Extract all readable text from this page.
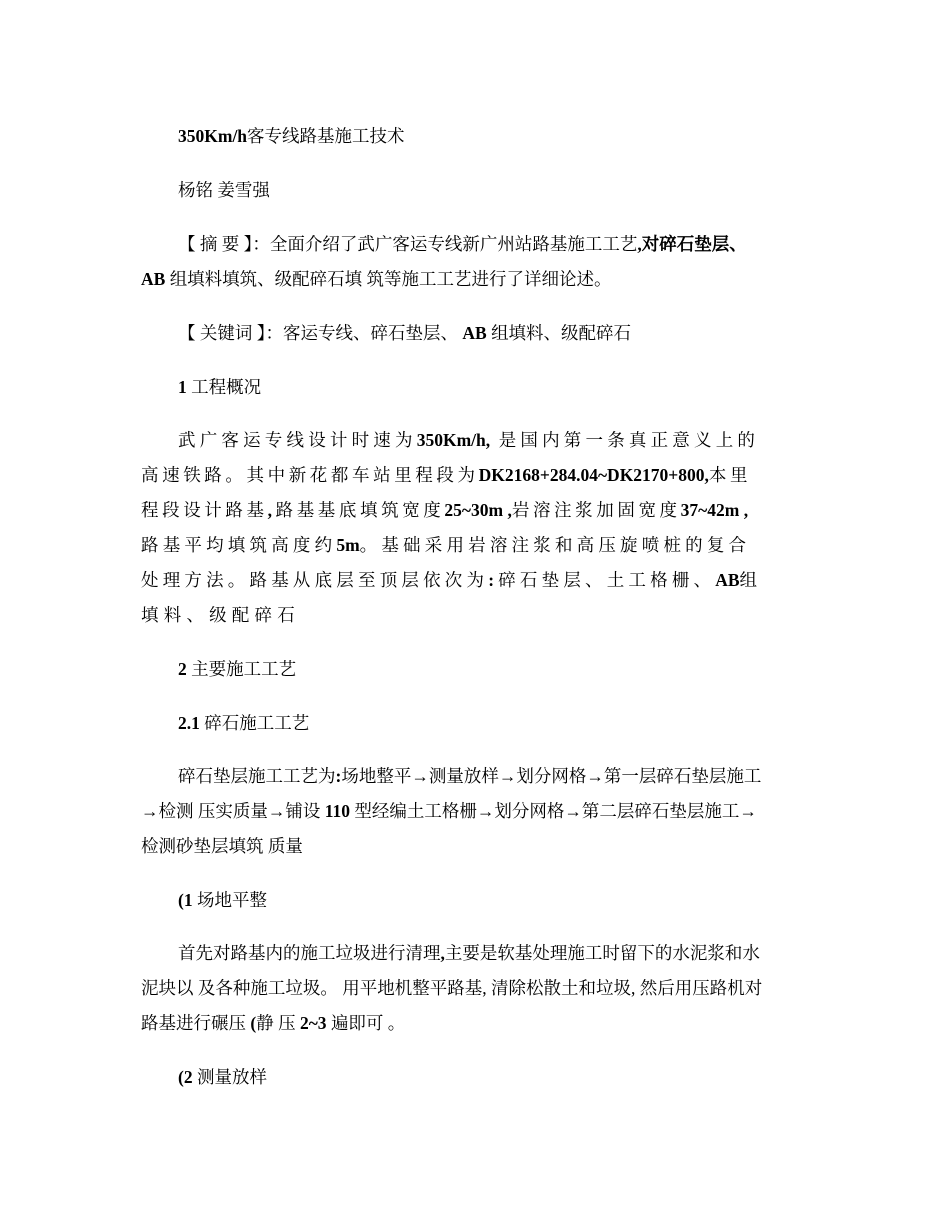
350Km/h客专线路基施工技术
杨铭 姜雪强
【 摘 要 】：全面介绍了武广客运专线新广州站路基施工工艺,对碎石垫层、
AB 组填料填筑、级配碎石填 筑等施工工艺进行了详细论述。
【 关键词 】：客运专线、碎石垫层、 AB 组填料、级配碎石
1 工程概况
武广客运专线设计时速为350Km/h, 是国内第一条真正意义上的
高速铁路。其中新花都车站里程段为DK2168+284.04~DK2170+800,本里
程段设计路基,路基基底填筑宽度25~30m ,岩溶注浆加固宽度37~42m ,
路基平均填筑高度约5m。基础采用岩溶注浆和高压旋喷桩的复合
处理方法。路基从底层至顶层依次为:碎石垫层、土工格栅、AB组
填料、级配碎石
2 主要施工工艺
2.1 碎石施工工艺
碎石垫层施工工艺为:场地整平→测量放样→划分网格→第一层碎石垫层施工
→检测 压实质量→铺设 110 型经编土工格栅→划分网格→第二层碎石垫层施工→
检测砂垫层填筑 质量
(1 场地平整
首先对路基内的施工垃圾进行清理,主要是软基处理施工时留下的水泥浆和水
泥块以 及各种施工垃圾。 用平地机整平路基, 清除松散土和垃圾, 然后用压路机对
路基进行碾压 (静 压 2~3 遍即可 。
(2 测量放样
